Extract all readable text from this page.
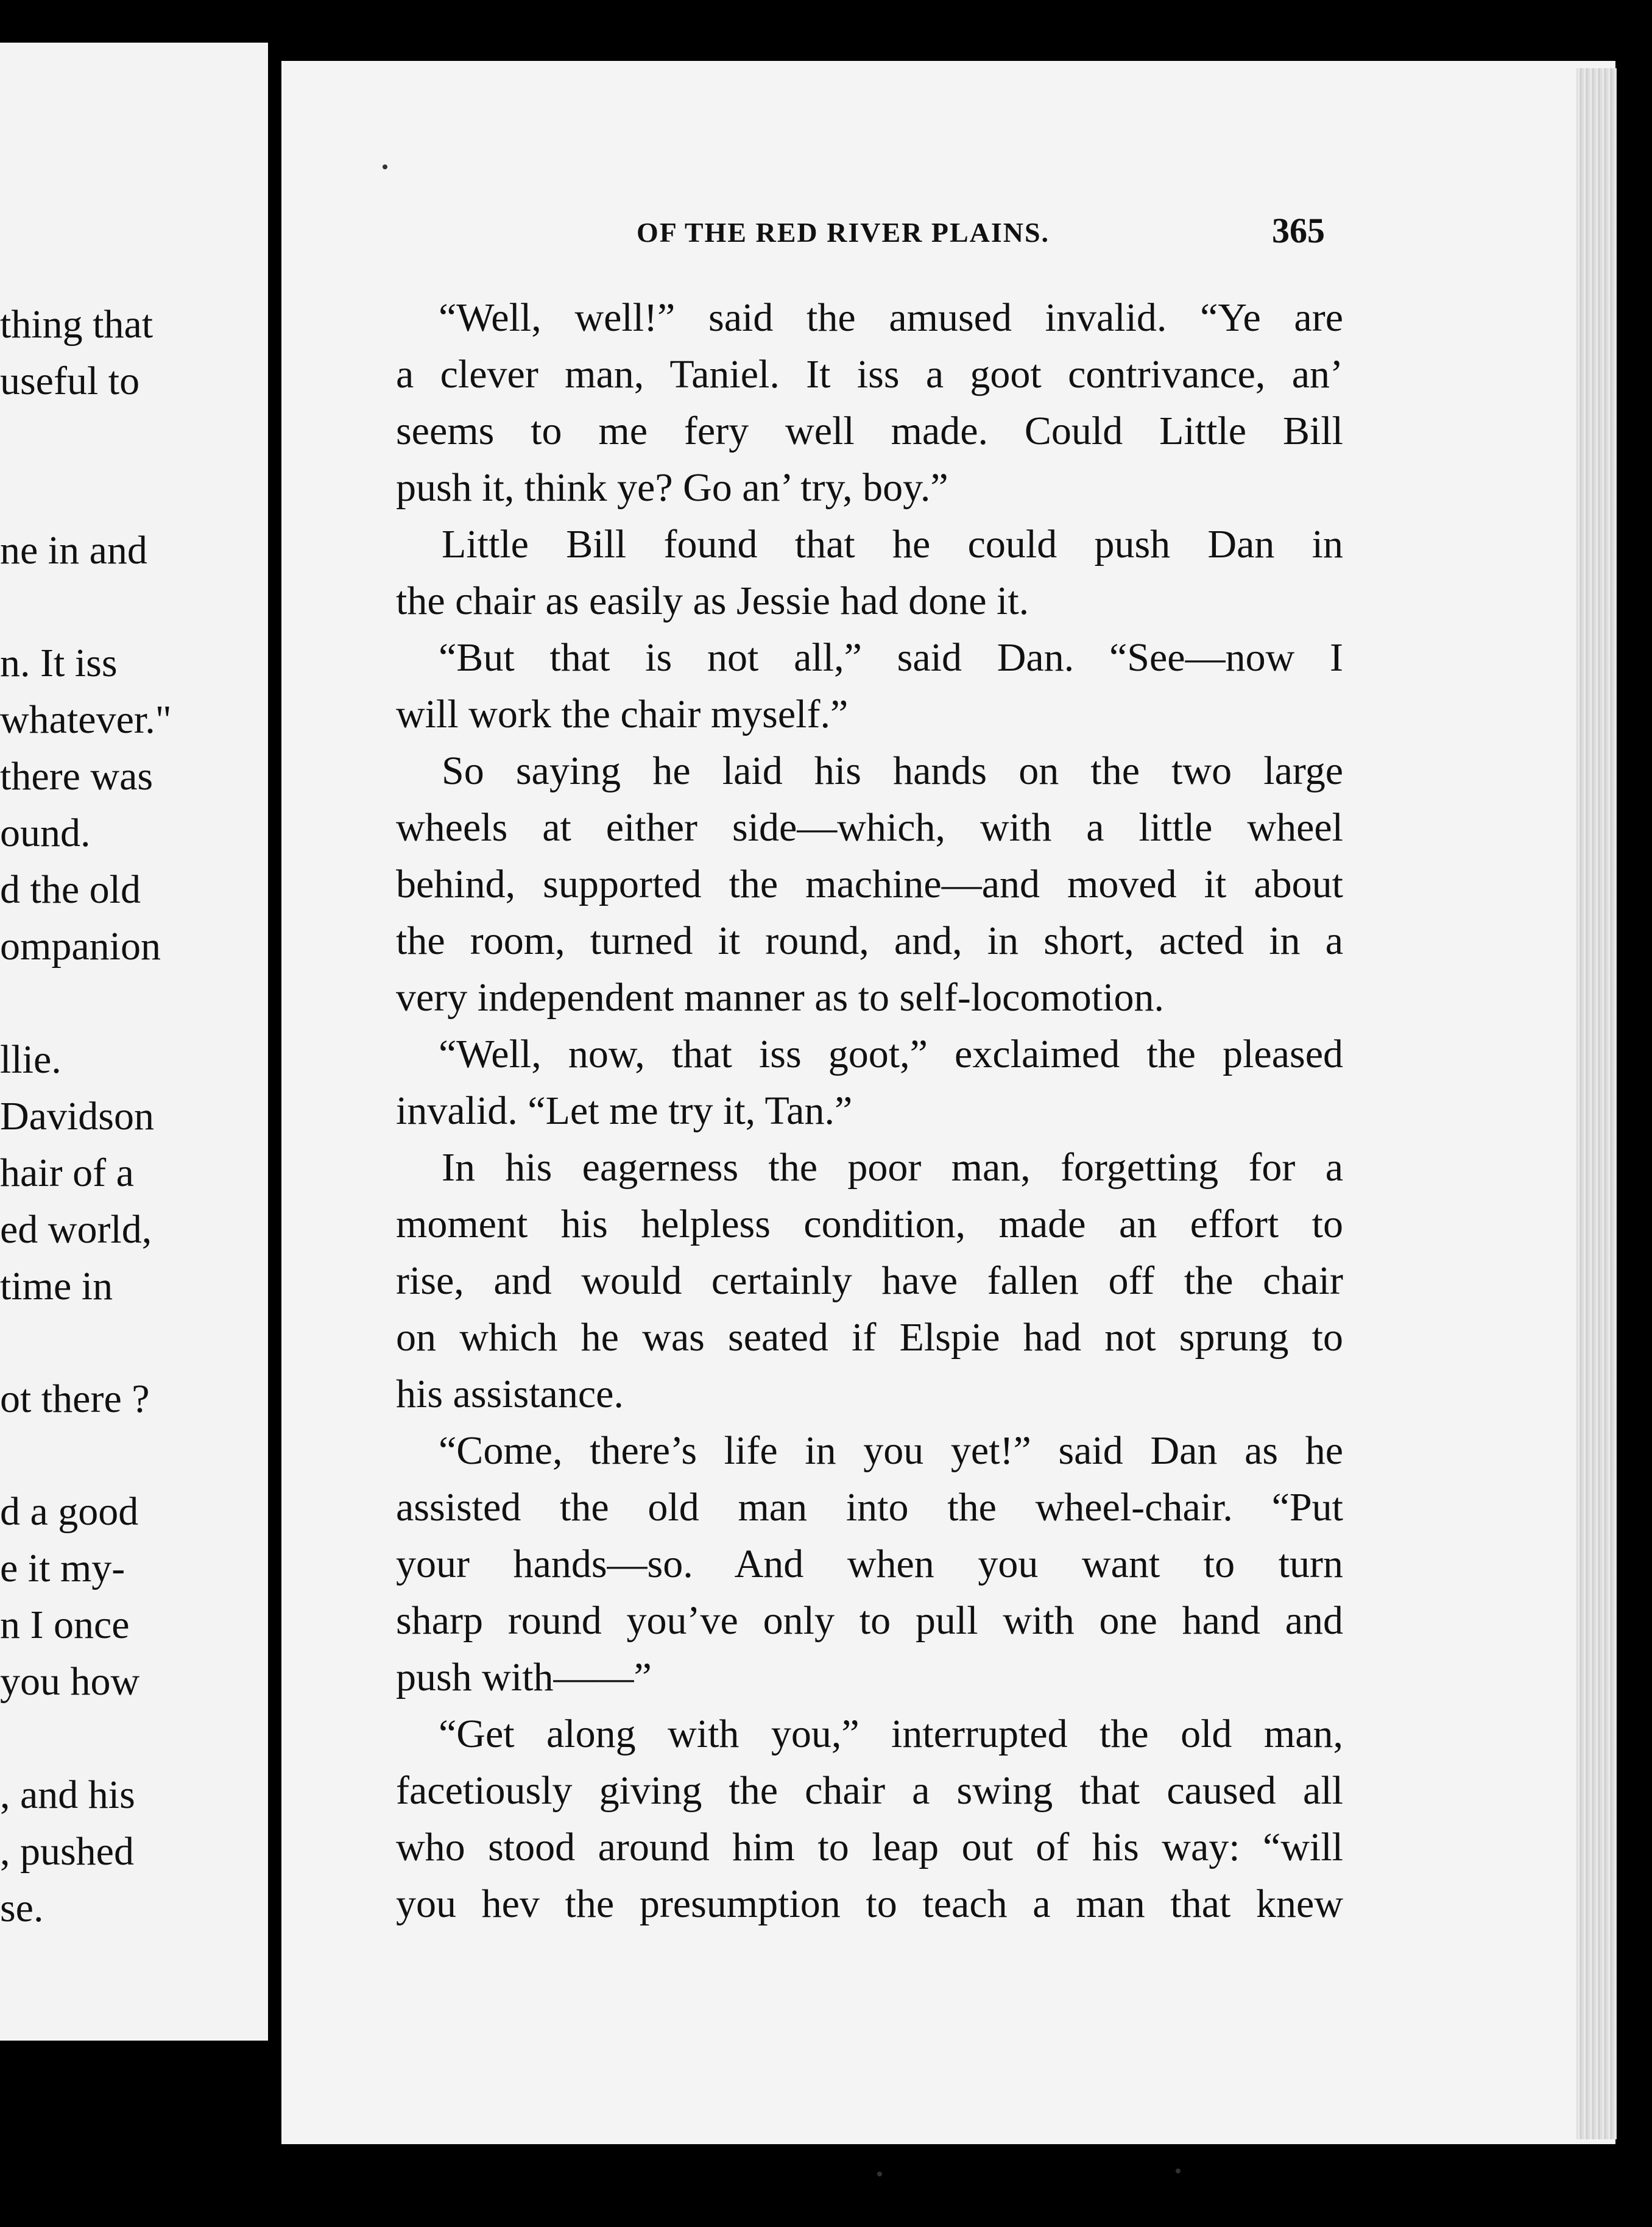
thing that
useful to
ne in and
n. It iss
whatever."
there was
ound.
d the old
ompanion
llie.
Davidson
hair of a
ed world,
time in
ot there ?
d a good
e it my-
n I once
you how
, and his
, pushed
se.
OF THE RED RIVER PLAINS.	365
“Well, well!” said the amused invalid. “Ye are
a clever man, Taniel. It iss a goot contrivance, an’
seems to me fery well made. Could Little Bill
push it, think ye? Go an’ try, boy.”
Little Bill found that he could push Dan in
the chair as easily as Jessie had done it.
“But that is not all,” said Dan. “See—now I
will work the chair myself.”
So saying he laid his hands on the two large
wheels at either side—which, with a little wheel
behind, supported the machine—and moved it about
the room, turned it round, and, in short, acted in a
very independent manner as to self-locomotion.
“Well, now, that iss goot,” exclaimed the pleased
invalid. “Let me try it, Tan.”
In his eagerness the poor man, forgetting for a
moment his helpless condition, made an effort to
rise, and would certainly have fallen off the chair
on which he was seated if Elspie had not sprung to
his assistance.
“Come, there’s life in you yet!” said Dan as he
assisted the old man into the wheel-chair. “Put
your hands—so. And when you want to turn
sharp round you’ve only to pull with one hand and
push with——”
“Get along with you,” interrupted the old man,
facetiously giving the chair a swing that caused all
who stood around him to leap out of his way: “will
you hev the presumption to teach a man that knew
